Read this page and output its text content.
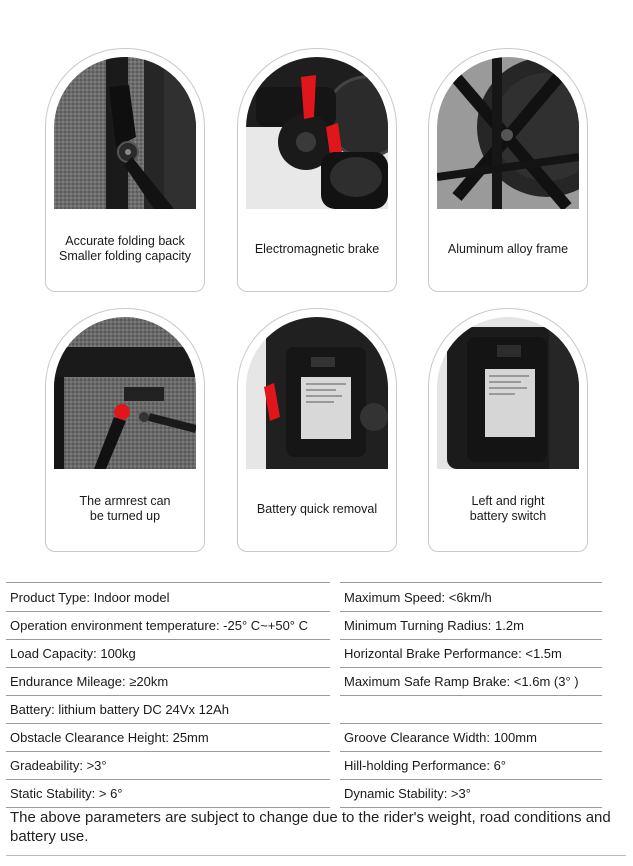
Accurate folding back
Smaller folding capacity
Electromagnetic brake	Aluminum alloy frame
The armrest can
be turned up
Battery quick removal
Left and right
battery switch
Product Type: Indoor model	Maximum Speed: <6km/h
Operation environment temperature: -25° C~+50° C	Minimum Turning Radius: 1.2m
Load Capacity: 100kg	Horizontal Brake Performance: <1.5m
Endurance Mileage: ≥20km	Maximum Safe Ramp Brake: <1.6m (3° )
Battery: lithium battery DC 24Vx 12Ah
Obstacle Clearance Height: 25mm	Groove Clearance Width: 100mm
Gradeability: >3°	Hill-holding Performance: 6°
Static Stability: > 6°	Dynamic Stability: >3°
The above parameters are subject to change due to the rider's weight, road conditions and battery use.
